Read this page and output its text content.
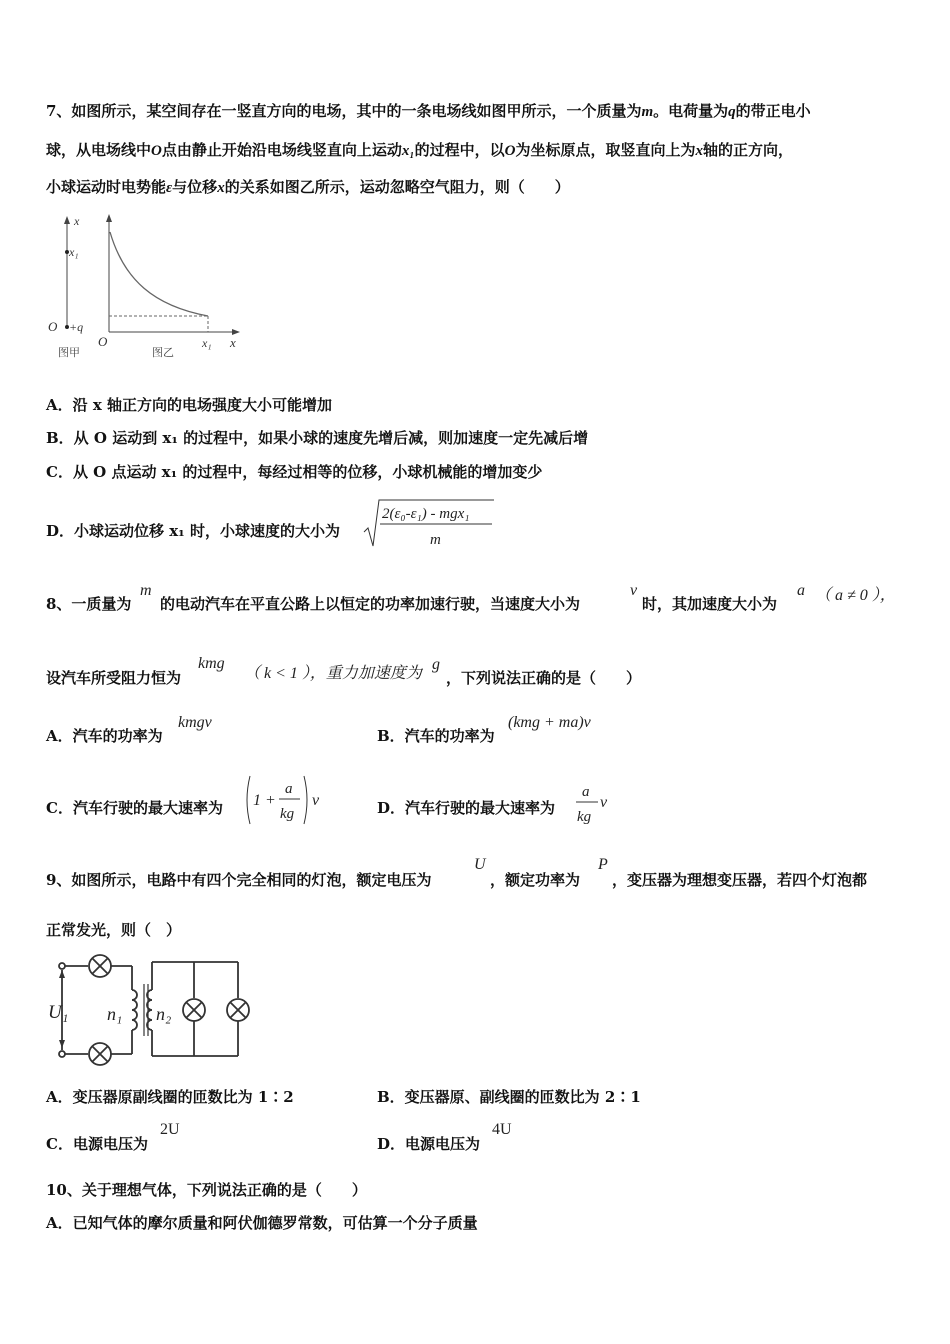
7、如图所示，某空间存在一竖直方向的电场，其中的一条电场线如图甲所示，一个质量为m。电荷量为q的带正电小
球，从电场线中O点由静止开始沿电场线竖直向上运动x₁的过程中，以O为坐标原点，取竖直向上为x轴的正方向，
小球运动时电势能ε与位移x的关系如图乙所示，运动忽略空气阻力，则（　　）
x
x₁
O +q
图甲
O	x₁ x
图乙
A．沿 x 轴正方向的电场强度大小可能增加
B．从 O 运动到 x₁ 的过程中，如果小球的速度先增后减，则加速度一定先减后增
C．从 O 点运动 x₁ 的过程中，每经过相等的位移，小球机械能的增加变少
D．小球运动位移 x₁ 时，小球速度的大小为
2(ε₀-ε₁) - mgx₁
m
8、一质量为
m
的电动汽车在平直公路上以恒定的功率加速行驶，当速度大小为
v
时，其加速度大小为
a （ a ≠ 0 ），
设汽车所受阻力恒为
kmg
（ k < 1 ），重力加速度为
g
，下列说法正确的是（　　）
A．汽车的功率为
kmgv
B．汽车的功率为
(kmg + ma)v
C．汽车行驶的最大速率为 1 +
a
kg
v	D．汽车行驶的最大速率为
a
kg
v
9、如图所示，电路中有四个完全相同的灯泡，额定电压为
U
，额定功率为
P
，变压器为理想变压器，若四个灯泡都
正常发光，则（　）
U₁ n₁ n₂
A．变压器原副线圈的匝数比为 1∶2	B．变压器原、副线圈的匝数比为 2∶1
C．电源电压为
2U
D．电源电压为
4U
10、关于理想气体，下列说法正确的是（　　）
A．已知气体的摩尔质量和阿伏伽德罗常数，可估算一个分子质量
